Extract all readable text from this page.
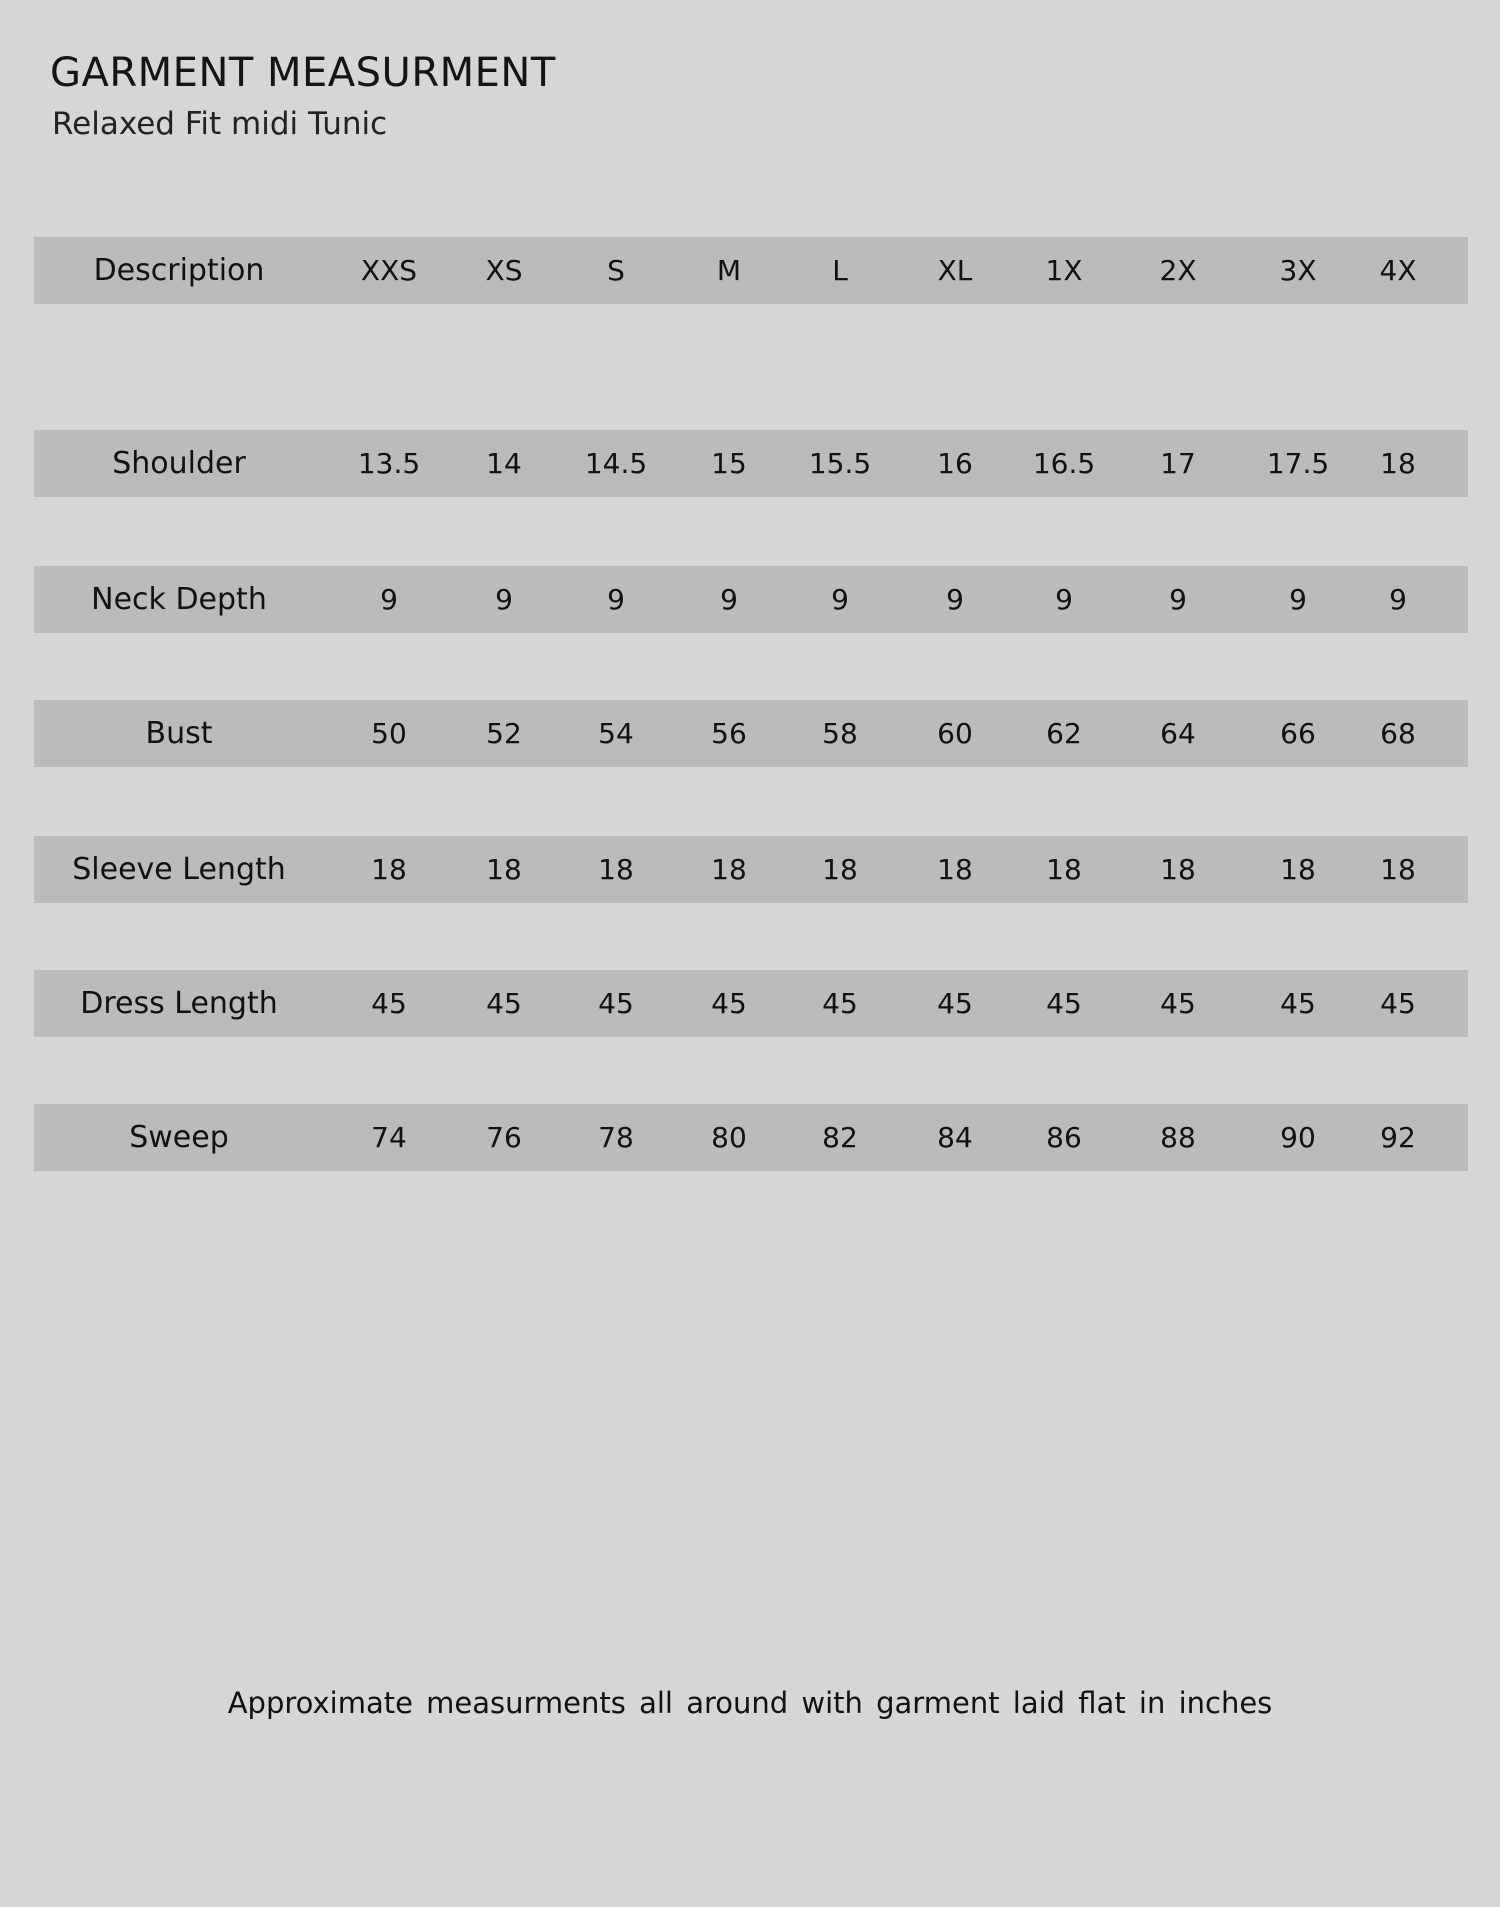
GARMENT MEASURMENT

Relaxed Fit midi Tunic

Description	XXS XS	S	M	L	XL	1X	2X	3X 4X
Shoulder	13.5 14 14.5 15 15.5 16 16.5 17	17.5 18
Neck Depth	9	9	9	9	9	9	9	9	9	9
Bust	50	52	54	56	58	60	62	64	66 68
Sleeve Length	18	18	18	18	18	18	18	18	18 18
Dress Length	45	45	45	45	45	45	45	45	45 45
Sweep	74	76	78	80	82	84	86	88	90 92

Approximate measurments all around with garment laid flat in inches
